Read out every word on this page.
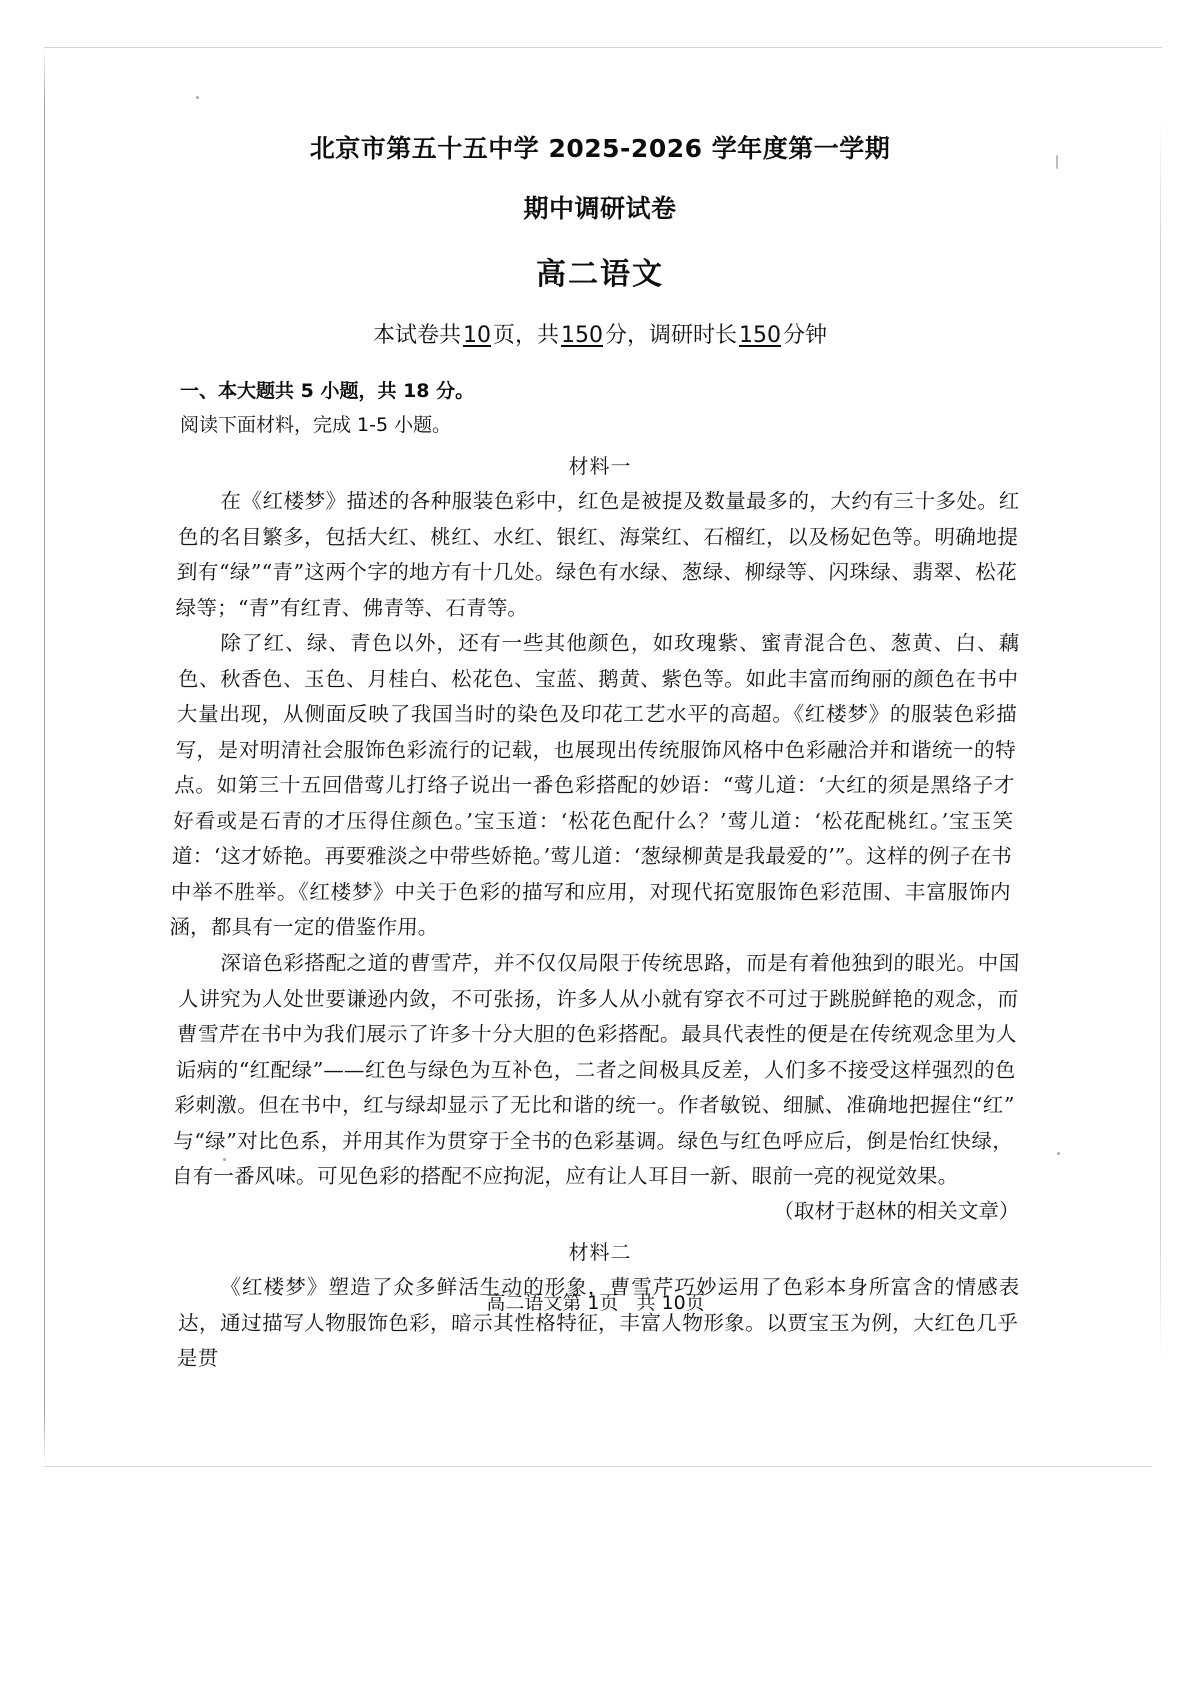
北京市第五十五中学 2025-2026 学年度第一学期
期中调研试卷
高二语文

本试卷共10页，共150分，调研时长150分钟

一、本大题共 5 小题，共 18 分。

阅读下面材料，完成 1-5 小题。

材料一

在《红楼梦》描述的各种服装色彩中，红色是被提及数量最多的，大约有三十多处。红色的名目繁多，包括大红、桃红、水红、银红、海棠红、石榴红，以及杨妃色等。明确地提到有“绿”“青”这两个字的地方有十几处。绿色有水绿、葱绿、柳绿等、闪珠绿、翡翠、松花绿等；“青”有红青、佛青等、石青等。

除了红、绿、青色以外，还有一些其他颜色，如玫瑰紫、蜜青混合色、葱黄、白、藕色、秋香色、玉色、月桂白、松花色、宝蓝、鹅黄、紫色等。如此丰富而绚丽的颜色在书中大量出现，从侧面反映了我国当时的染色及印花工艺水平的高超。《红楼梦》的服装色彩描写，是对明清社会服饰色彩流行的记载，也展现出传统服饰风格中色彩融洽并和谐统一的特点。如第三十五回借莺儿打络子说出一番色彩搭配的妙语：“莺儿道：‘大红的须是黑络子才好看或是石青的才压得住颜色。’宝玉道：‘松花色配什么？’莺儿道：‘松花配桃红。’宝玉笑道：‘这才娇艳。再要雅淡之中带些娇艳。’莺儿道：‘葱绿柳黄是我最爱的’”。这样的例子在书中举不胜举。《红楼梦》中关于色彩的描写和应用，对现代拓宽服饰色彩范围、丰富服饰内涵，都具有一定的借鉴作用。

深谙色彩搭配之道的曹雪芹，并不仅仅局限于传统思路，而是有着他独到的眼光。中国人讲究为人处世要谦逊内敛，不可张扬，许多人从小就有穿衣不可过于跳脱鲜艳的观念，而曹雪芹在书中为我们展示了许多十分大胆的色彩搭配。最具代表性的便是在传统观念里为人诟病的“红配绿”——红色与绿色为互补色，二者之间极具反差，人们多不接受这样强烈的色彩刺激。但在书中，红与绿却显示了无比和谐的统一。作者敏锐、细腻、准确地把握住“红”与“绿”对比色系，并用其作为贯穿于全书的色彩基调。绿色与红色呼应后，倒是怡红快绿，自有一番风味。可见色彩的搭配不应拘泥，应有让人耳目一新、眼前一亮的视觉效果。

（取材于赵林的相关文章）

材料二

《红楼梦》塑造了众多鲜活生动的形象，曹雪芹巧妙运用了色彩本身所富含的情感表达，通过描写人物服饰色彩，暗示其性格特征，丰富人物形象。以贾宝玉为例，大红色几乎是贯

高二语文第 1页 共 10页
